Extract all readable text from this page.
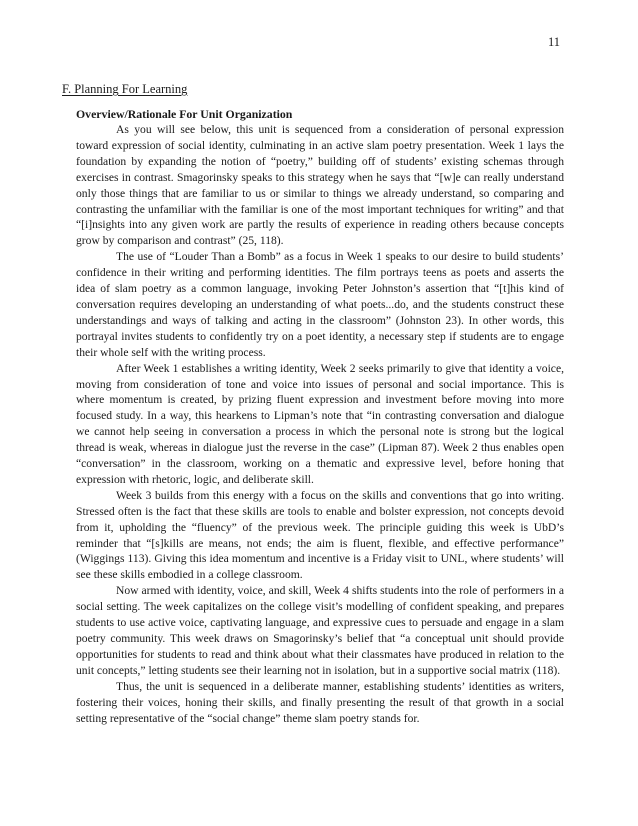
11
F. Planning For Learning
Overview/Rationale For Unit Organization

As you will see below, this unit is sequenced from a consideration of personal expression toward expression of social identity, culminating in an active slam poetry presentation. Week 1 lays the foundation by expanding the notion of “poetry,” building off of students’ existing schemas through exercises in contrast. Smagorinsky speaks to this strategy when he says that “[w]e can really understand only those things that are familiar to us or similar to things we already understand, so comparing and contrasting the unfamiliar with the familiar is one of the most important techniques for writing” and that “[i]nsights into any given work are partly the results of experience in reading others because concepts grow by comparison and contrast” (25, 118).

The use of “Louder Than a Bomb” as a focus in Week 1 speaks to our desire to build students’ confidence in their writing and performing identities. The film portrays teens as poets and asserts the idea of slam poetry as a common language, invoking Peter Johnston’s assertion that “[t]his kind of conversation requires developing an understanding of what poets...do, and the students construct these understandings and ways of talking and acting in the classroom” (Johnston 23). In other words, this portrayal invites students to confidently try on a poet identity, a necessary step if students are to engage their whole self with the writing process.

After Week 1 establishes a writing identity, Week 2 seeks primarily to give that identity a voice, moving from consideration of tone and voice into issues of personal and social importance. This is where momentum is created, by prizing fluent expression and investment before moving into more focused study. In a way, this hearkens to Lipman’s note that “in contrasting conversation and dialogue we cannot help seeing in conversation a process in which the personal note is strong but the logical thread is weak, whereas in dialogue just the reverse in the case” (Lipman 87). Week 2 thus enables open “conversation” in the classroom, working on a thematic and expressive level, before honing that expression with rhetoric, logic, and deliberate skill.

Week 3 builds from this energy with a focus on the skills and conventions that go into writing. Stressed often is the fact that these skills are tools to enable and bolster expression, not concepts devoid from it, upholding the “fluency” of the previous week. The principle guiding this week is UbD’s reminder that “[s]kills are means, not ends; the aim is fluent, flexible, and effective performance” (Wiggings 113). Giving this idea momentum and incentive is a Friday visit to UNL, where students’ will see these skills embodied in a college classroom.

Now armed with identity, voice, and skill, Week 4 shifts students into the role of performers in a social setting. The week capitalizes on the college visit’s modelling of confident speaking, and prepares students to use active voice, captivating language, and expressive cues to persuade and engage in a slam poetry community. This week draws on Smagorinsky’s belief that “a conceptual unit should provide opportunities for students to read and think about what their classmates have produced in relation to the unit concepts,” letting students see their learning not in isolation, but in a supportive social matrix (118).

Thus, the unit is sequenced in a deliberate manner, establishing students’ identities as writers, fostering their voices, honing their skills, and finally presenting the result of that growth in a social setting representative of the “social change” theme slam poetry stands for.
